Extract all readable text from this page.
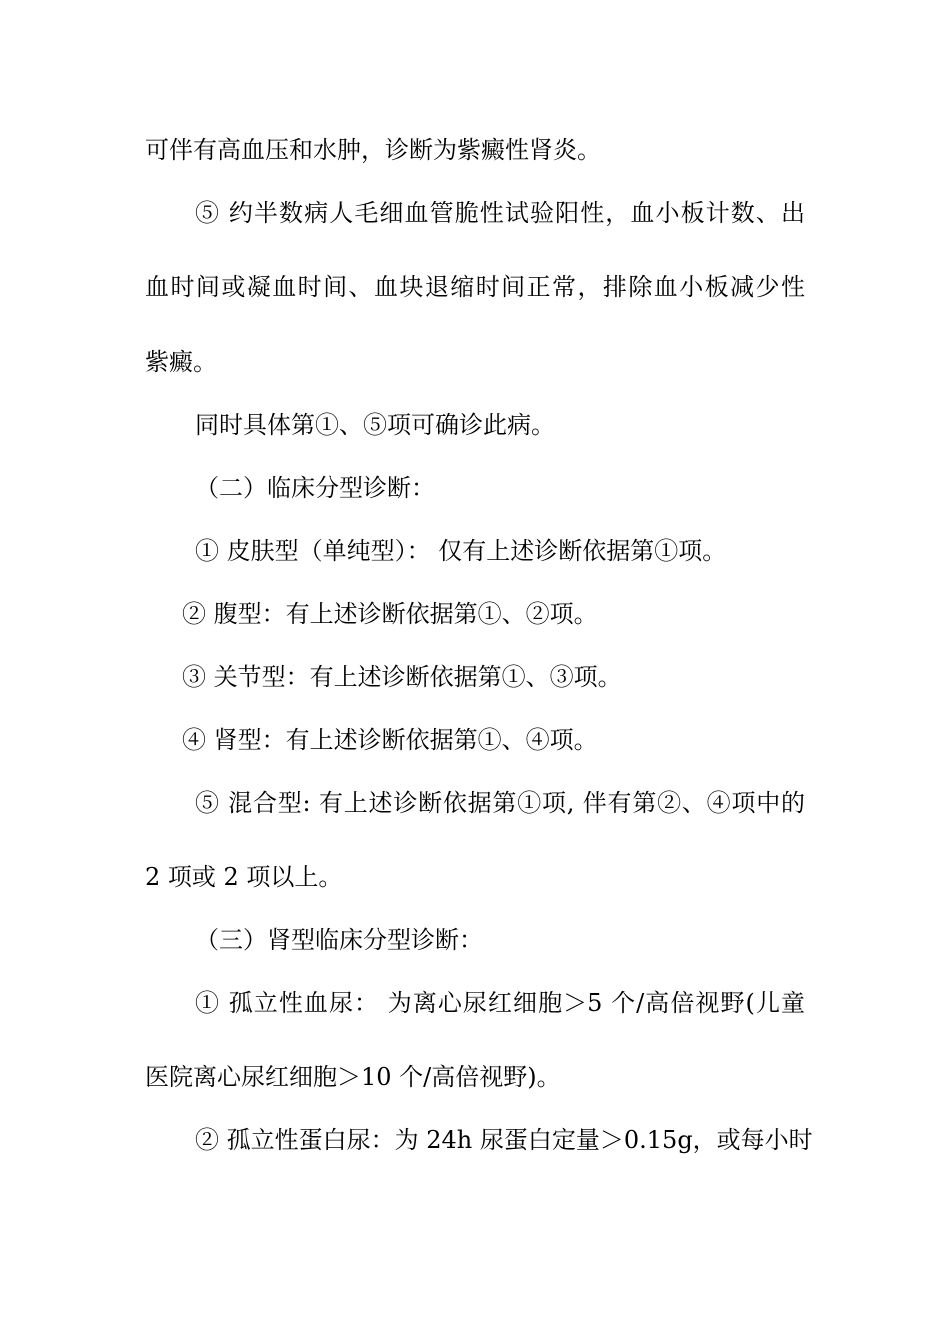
可伴有高血压和水肿，诊断为紫癜性肾炎。
⑤ 约半数病人毛细血管脆性试验阳性，血小板计数、出
血时间或凝血时间、血块退缩时间正常，排除血小板减少性
紫癜。
同时具体第①、⑤项可确诊此病。
（二）临床分型诊断：
① 皮肤型（单纯型）： 仅有上述诊断依据第①项。
② 腹型：有上述诊断依据第①、②项。
③ 关节型：有上述诊断依据第①、③项。
④ 肾型：有上述诊断依据第①、④项。
⑤ 混合型: 有上述诊断依据第①项, 伴有第②、④项中的
2 项或 2 项以上。
（三）肾型临床分型诊断：
① 孤立性血尿： 为离心尿红细胞＞5 个/高倍视野(儿童
医院离心尿红细胞＞10 个/高倍视野)。
② 孤立性蛋白尿：为 24h 尿蛋白定量＞0.15g，或每小时
